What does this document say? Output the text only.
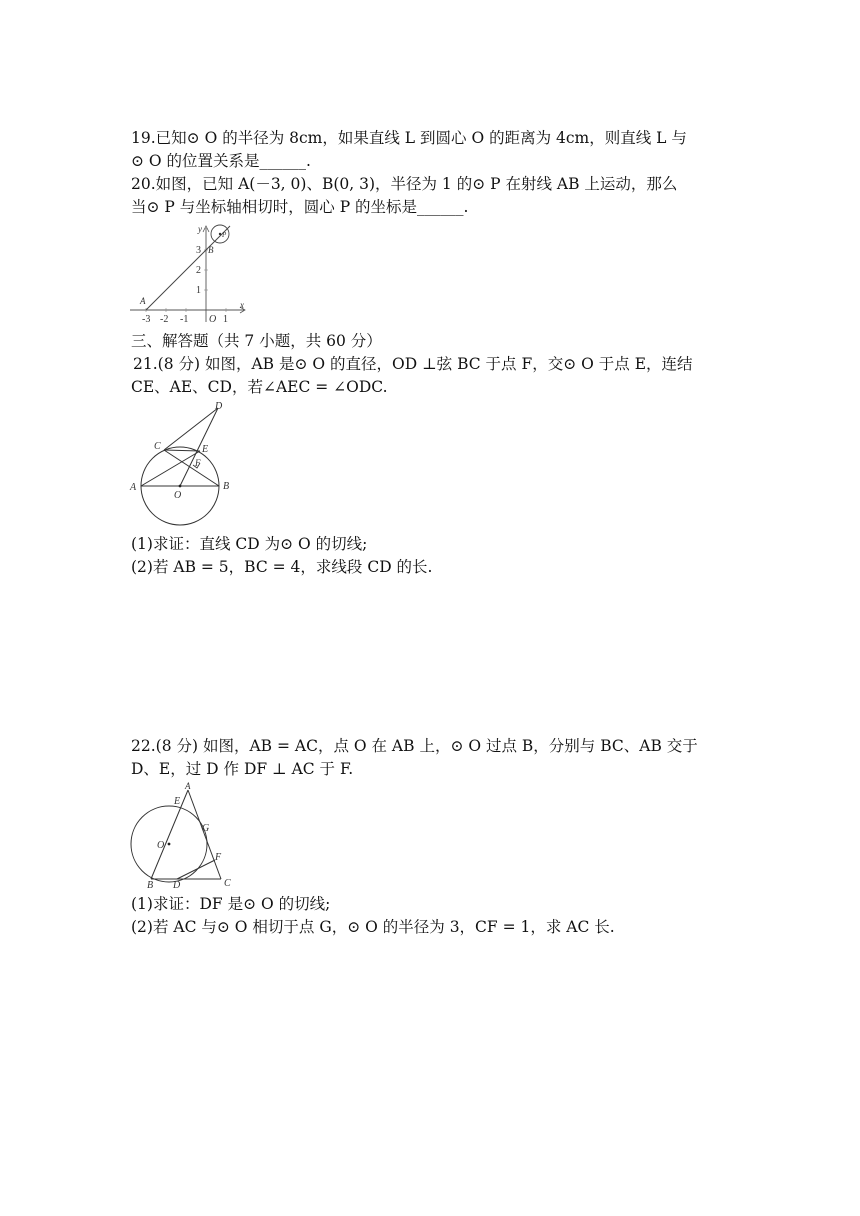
19.已知⊙ O 的半径为 8cm，如果直线 L 到圆心 O 的距离为 4cm，则直线 L 与
⊙ O 的位置关系是______.
20.如图，已知 A(－3, 0)、B(0, 3)，半径为 1 的⊙ P 在射线 AB 上运动，那么
当⊙ P 与坐标轴相切时，圆心 P 的坐标是______.
x
y
A
B
P
-3 -2 -1 O 1
3
2
1
三、解答题（共 7 小题，共 60 分）
21.(8 分) 如图，AB 是⊙ O 的直径，OD ⊥弦 BC 于点 F，交⊙ O 于点 E，连结
CE、AE、CD，若∠AEC = ∠ODC.
D
C	E
F
A	B
O
(1)求证：直线 CD 为⊙ O 的切线;
(2)若 AB = 5，BC = 4，求线段 CD 的长.
22.(8 分) 如图，AB = AC，点 O 在 AB 上，⊙ O 过点 B，分别与 BC、AB 交于
D、E，过 D 作 DF ⊥ AC 于 F.
A
E
G
O
F
B D	C
(1)求证：DF 是⊙ O 的切线;
(2)若 AC 与⊙ O 相切于点 G，⊙ O 的半径为 3，CF = 1，求 AC 长.
